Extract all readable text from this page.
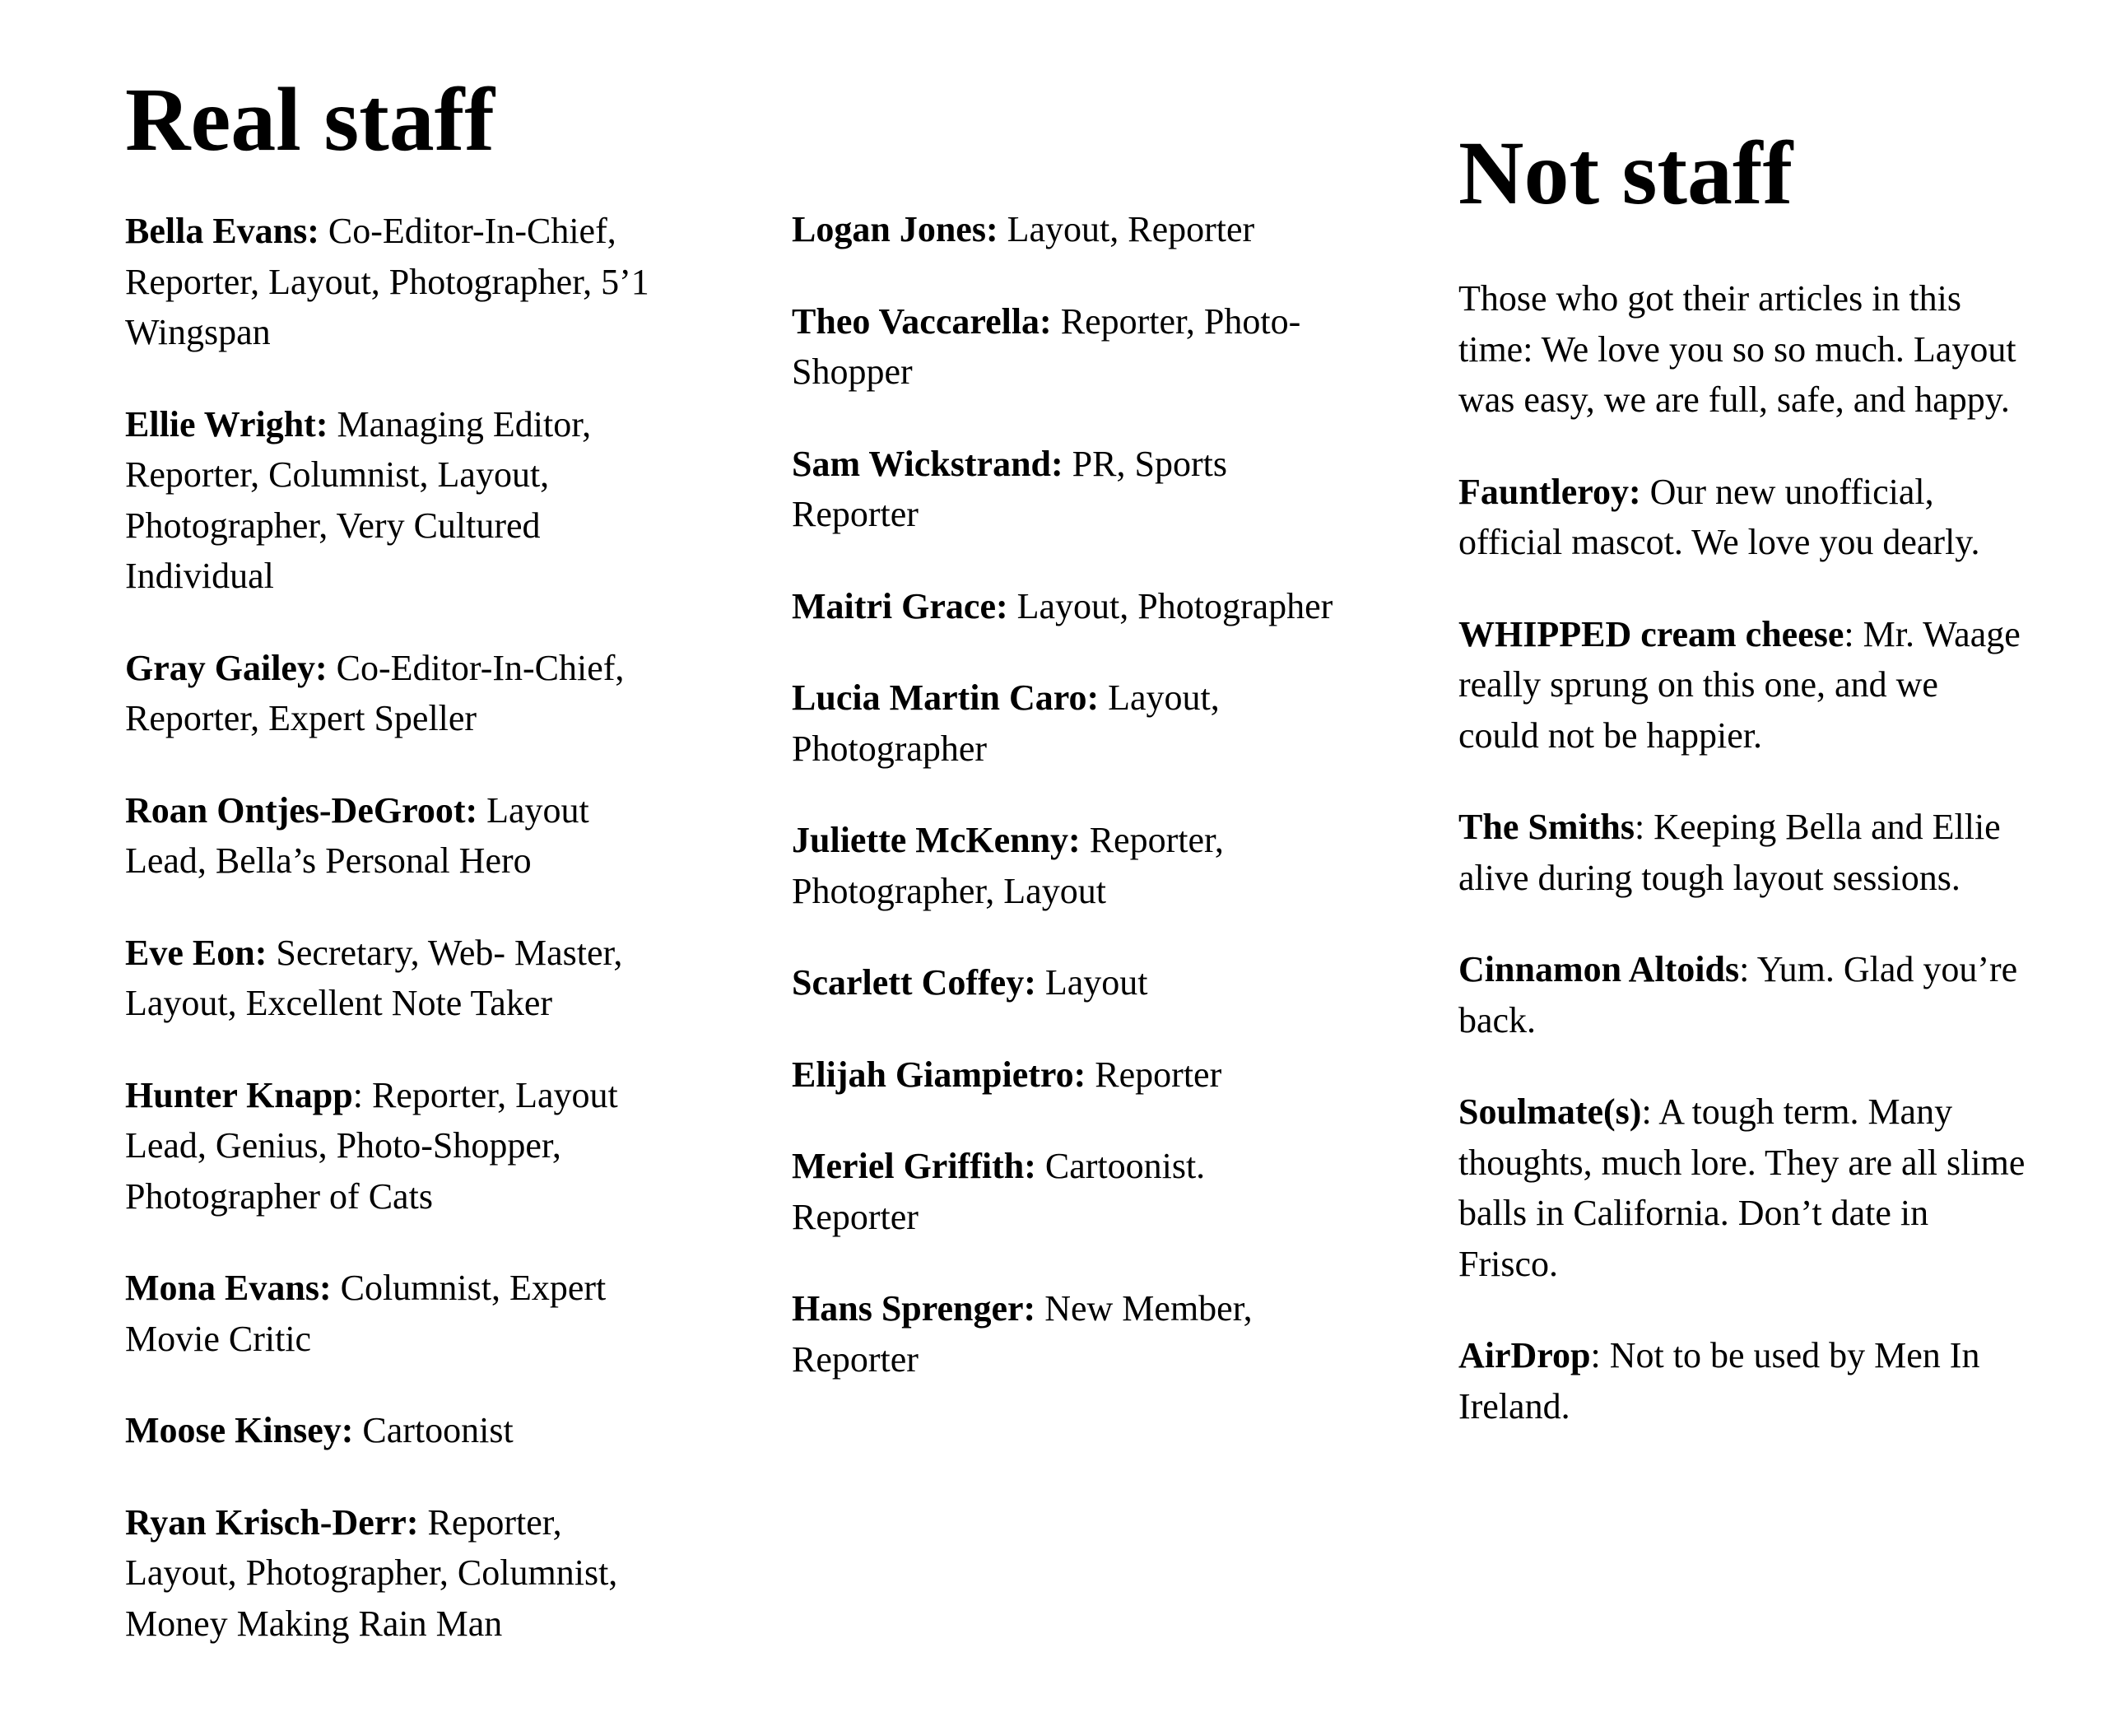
Real staff

Bella Evans: Co-Editor-In-Chief, Reporter, Layout, Photographer, 5’1 Wingspan

Ellie Wright: Managing Editor, Reporter, Columnist, Layout, Photographer, Very Cultured Individual

Gray Gailey: Co-Editor-In-Chief, Reporter, Expert Speller

Roan Ontjes-DeGroot: Layout Lead, Bella’s Personal Hero

Eve Eon: Secretary, Web- Master, Layout, Excellent Note Taker

Hunter Knapp: Reporter, Layout Lead, Genius, Photo-Shopper, Photographer of Cats

Mona Evans: Columnist, Expert Movie Critic

Moose Kinsey: Cartoonist

Ryan Krisch-Derr: Reporter, Layout, Photographer, Columnist, Money Making Rain Man

Logan Jones: Layout, Reporter

Theo Vaccarella: Reporter, Photo-Shopper

Sam Wickstrand: PR, Sports Reporter

Maitri Grace: Layout, Photographer

Lucia Martin Caro: Layout, Photographer

Juliette McKenny: Reporter, Photographer, Layout

Scarlett Coffey: Layout

Elijah Giampietro: Reporter

Meriel Griffith: Cartoonist. Reporter

Hans Sprenger: New Member, Reporter

Not staff

Those who got their articles in this time: We love you so so much. Layout was easy, we are full, safe, and happy.

Fauntleroy: Our new unofficial, official mascot. We love you dearly.

WHIPPED cream cheese: Mr. Waage really sprung on this one, and we could not be happier.

The Smiths: Keeping Bella and Ellie alive during tough layout sessions.

Cinnamon Altoids: Yum. Glad you’re back.

Soulmate(s): A tough term. Many thoughts, much lore. They are all slime balls in California. Don’t date in Frisco.

AirDrop: Not to be used by Men In Ireland.
